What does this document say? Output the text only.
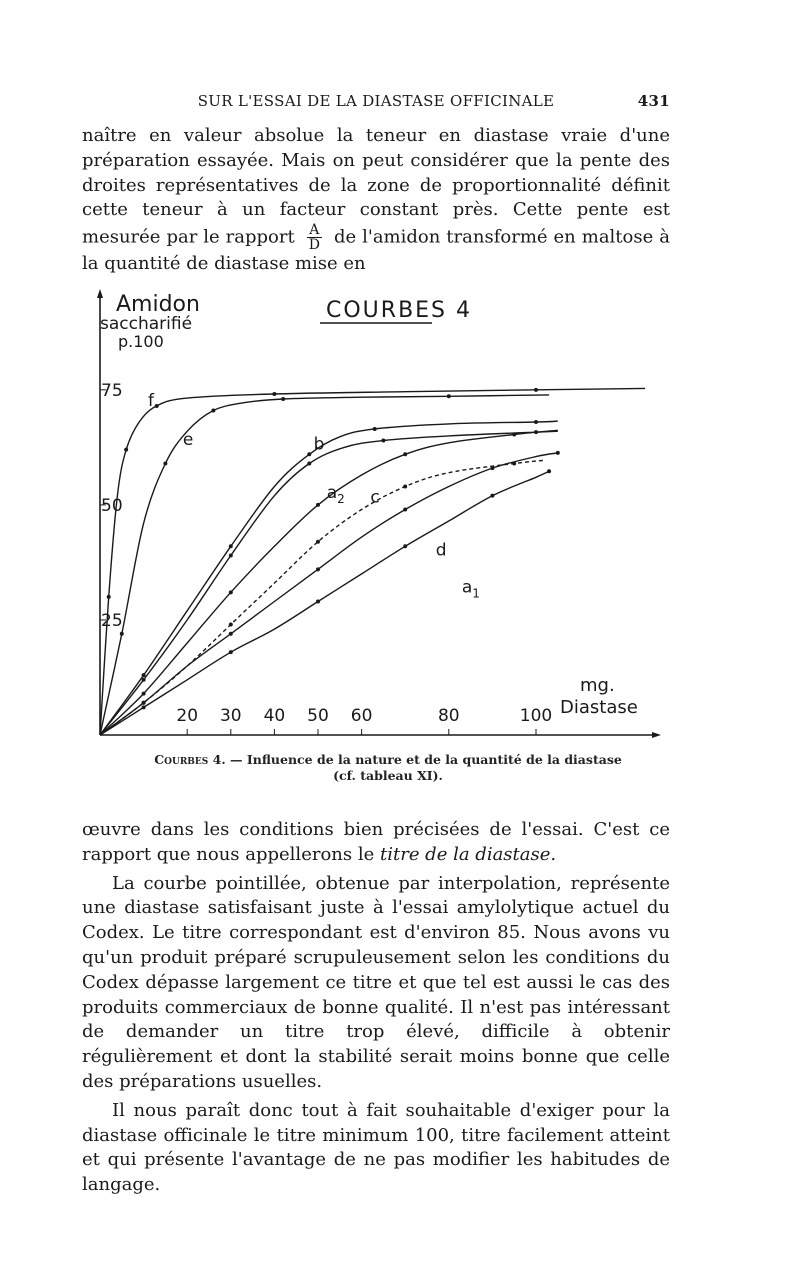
SUR L'ESSAI DE LA DIASTASE OFFICINALE	431

naître en valeur absolue la teneur en diastase vraie d'une préparation essayée. Mais on peut considérer que la pente des droites représentatives de la zone de proportionnalité définit cette teneur à un facteur constant près. Cette pente est mesurée par le rapport $\frac{A}{D}$ de l'amidon transformé en maltose à la quantité de diastase mise en

20 30 40 50 60	80	100
25
50
75
f
e	b
$a_2$ c
d
$a_1$
Amidon
saccharifié
p.100
COURBES 4
mg.
Diastase
Courbes 4. — Influence de la nature et de la quantité de la diastase
(cf. tableau XI).

œuvre dans les conditions bien précisées de l'essai. C'est ce rapport que nous appellerons le titre de la diastase.

La courbe pointillée, obtenue par interpolation, représente une diastase satisfaisant juste à l'essai amylolytique actuel du Codex. Le titre correspondant est d'environ 85. Nous avons vu qu'un produit préparé scrupuleusement selon les conditions du Codex dépasse largement ce titre et que tel est aussi le cas des produits commerciaux de bonne qualité. Il n'est pas intéressant de demander un titre trop élevé, difficile à obtenir régulièrement et dont la stabilité serait moins bonne que celle des préparations usuelles.

Il nous paraît donc tout à fait souhaitable d'exiger pour la diastase officinale le titre minimum 100, titre facilement atteint et qui présente l'avantage de ne pas modifier les habitudes de langage.
